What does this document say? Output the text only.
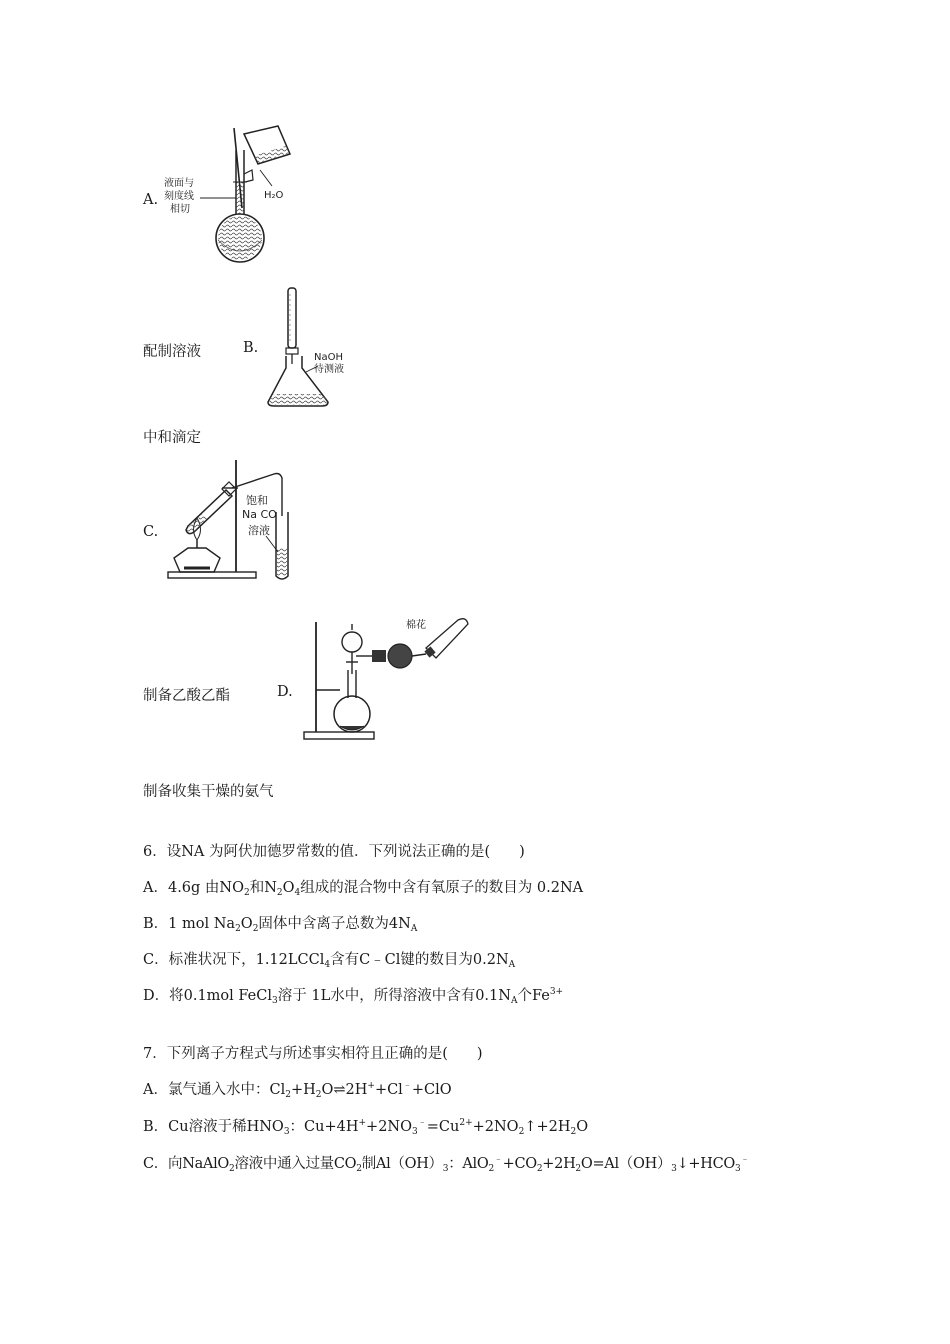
A.
液面与
刻度线
相切
H₂O
配制溶液	B.
NaOH
待测液
中和滴定
C.
饱和
Na CO
溶液
制备乙酸乙酯	D.
棉花
制备收集干燥的氨气
6．设NA 为阿伏加德罗常数的值．下列说法正确的是(　　)
A．4.6g 由$NO_2$和$N_2O_4$组成的混合物中含有氧原子的数目为 0.2NA
B．1 mol $Na_2O_2$固体中含离子总数为$4N_A$
C．标准状况下，1.12LCCl$_4$含有C﹣Cl键的数目为$0.2N_A$
D．将0.1mol FeCl$_3$溶于 1L水中，所得溶液中含有$0.1N_A$个$Fe^{3+}$
7．下列离子方程式与所述事实相符且正确的是(　　)
A．氯气通入水中：$Cl_2+H_2O\rightleftharpoons 2H^++Cl^﹣+ClO$
B．Cu溶液于稀$HNO_3$：$Cu+4H^++2NO_3^﹣=Cu^{2+}+2NO_2↑+2H_2O$
C．向NaAlO$_2$溶液中通入过量$CO_2$制$Al(OH)_3$：$AlO_2^﹣+CO_2+2H_2O=Al(OH)_3↓+HCO_3^﹣$
